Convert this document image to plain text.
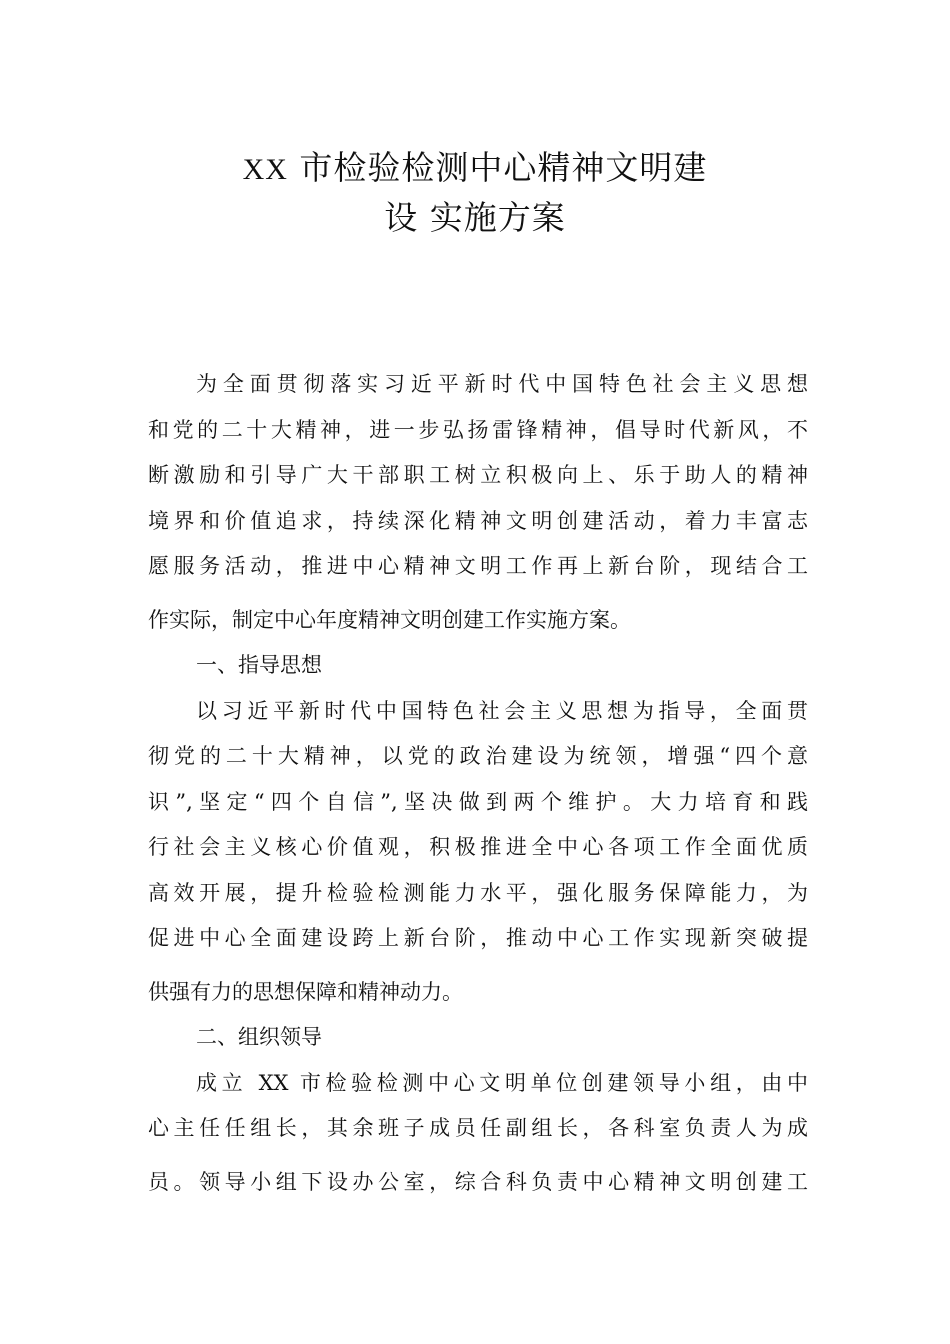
XX 市检验检测中心精神文明建
设 实施方案
为全面贯彻落实习近平新时代中国特色社会主义思想
和党的二十大精神，进一步弘扬雷锋精神，倡导时代新风，不
断激励和引导广大干部职工树立积极向上、乐于助人的精神
境界和价值追求，持续深化精神文明创建活动，着力丰富志
愿服务活动，推进中心精神文明工作再上新台阶，现结合工
作实际，制定中心年度精神文明创建工作实施方案。
一、指导思想
以习近平新时代中国特色社会主义思想为指导，全面贯
彻党的二十大精神，以党的政治建设为统领，增强“四个意
识”,坚定“四个自信”,坚决做到两个维护。大力培育和践
行社会主义核心价值观，积极推进全中心各项工作全面优质
高效开展，提升检验检测能力水平，强化服务保障能力，为
促进中心全面建设跨上新台阶，推动中心工作实现新突破提
供强有力的思想保障和精神动力。
二、组织领导
成立 XX 市检验检测中心文明单位创建领导小组，由中
心主任任组长，其余班子成员任副组长，各科室负责人为成
员。领导小组下设办公室，综合科负责中心精神文明创建工
